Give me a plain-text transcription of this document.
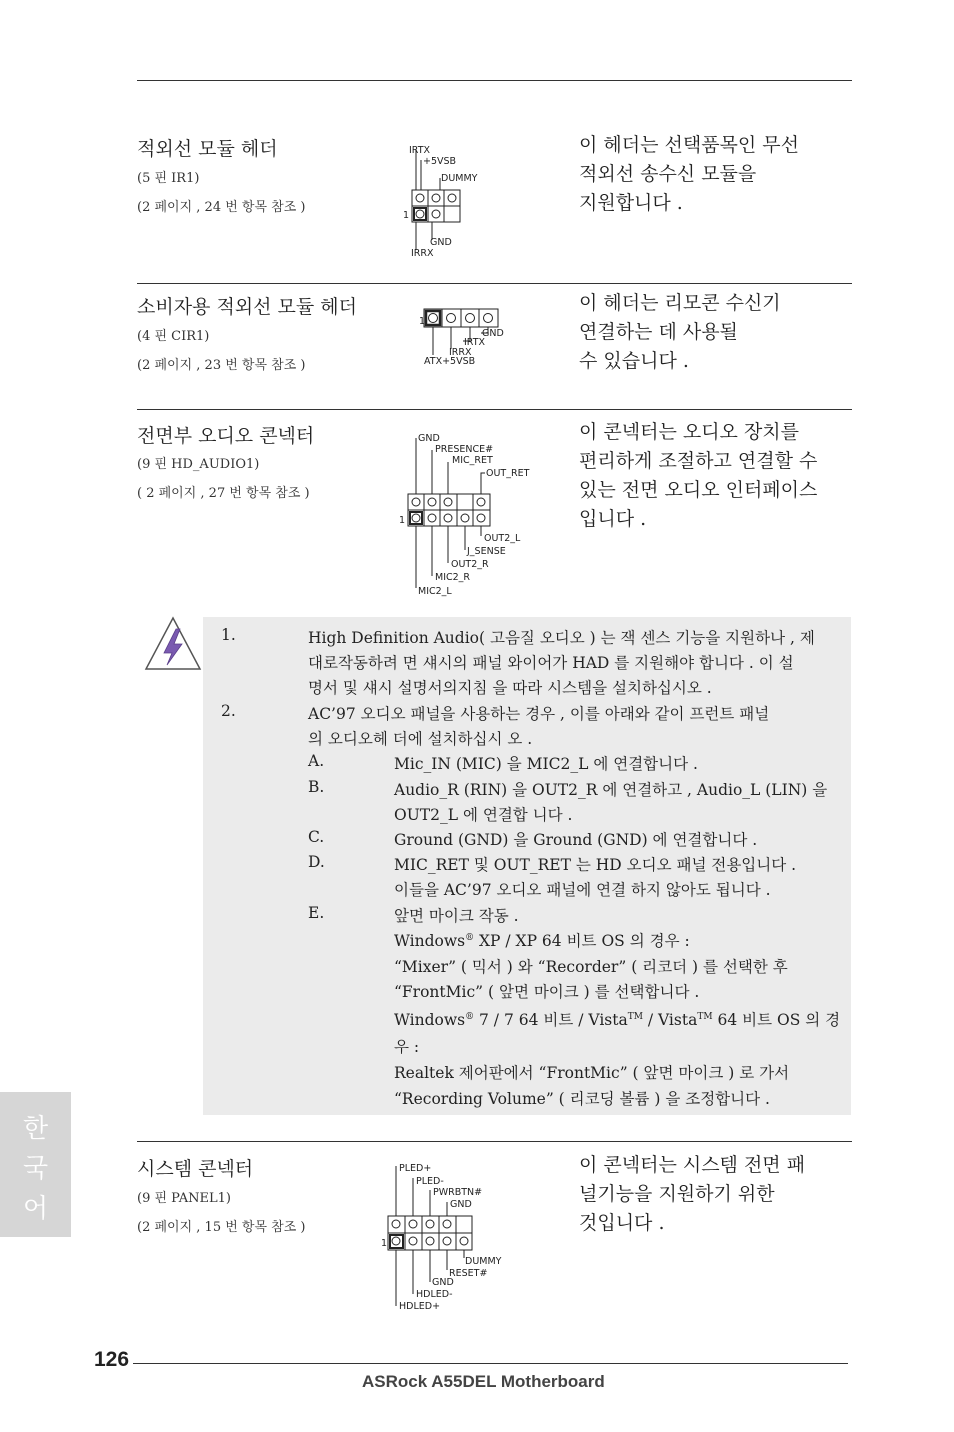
적외선 모듈 헤더
(5 핀 IR1)
(2 페이지 , 24 번 항목 참조 )
이 헤더는 선택품목인 무선
적외선 송수신 모듈을
지원합니다 .
IRTX
+5VSB
DUMMY
1
GND
IRRX
소비자용 적외선 모듈 헤더
(4 핀 CIR1)
(2 페이지 , 23 번 항목 참조 )
이 헤더는 리모콘 수신기
연결하는 데 사용될
수 있습니다 .
1
GND
IRTX
IRRX
ATX+5VSB
전면부 오디오 콘넥터
(9 핀 HD_AUDIO1)
( 2 페이지 , 27 번 항목 참조 )
이 콘넥터는 오디오 장치를
편리하게 조절하고 연결할 수
있는 전면 오디오 인터페이스
입니다 .
GND
PRESENCE#
MIC_RET
OUT_RET
1
OUT2_L
J_SENSE
OUT2_R
MIC2_R
MIC2_L
1.	High Definition Audio( 고음질 오디오 ) 는 잭 센스 기능을 지원하나 , 제
대로작동하려 면 섀시의 패널 와이어가 HAD 를 지원해야 합니다 . 이 설
명서 및 섀시 설명서의지침 을 따라 시스템을 설치하십시오 .
2.	AC’97 오디오 패널을 사용하는 경우 , 이를 아래와 같이 프런트 패널
의 오디오헤 더에 설치하십시 오 .
A.	Mic_IN (MIC) 을 MIC2_L 에 연결합니다 .
B.	Audio_R (RIN) 을 OUT2_R 에 연결하고 , Audio_L (LIN) 을
OUT2_L 에 연결합 니다 .
C.	Ground (GND) 을 Ground (GND) 에 연결합니다 .
D.	MIC_RET 및 OUT_RET 는 HD 오디오 패널 전용입니다 .
이들을 AC’97 오디오 패널에 연결 하지 않아도 됩니다 .
E.	앞면 마이크 작동 .
Windows® XP / XP 64 비트 OS 의 경우 :
“Mixer” ( 믹서 ) 와 “Recorder” ( 리코더 ) 를 선택한 후
“FrontMic” ( 앞면 마이크 ) 를 선택합니다 .
Windows® 7 / 7 64 비트 / Vista™ / Vista™ 64 비트 OS 의 경
우 :
Realtek 제어판에서 “FrontMic” ( 앞면 마이크 ) 로 가서
“Recording Volume” ( 리코딩 볼륨 ) 을 조정합니다 .
시스템 콘넥터
(9 핀 PANEL1)
(2 페이지 , 15 번 항목 참조 )
이 콘넥터는 시스템 전면 패
널기능을 지원하기 위한
것입니다 .
PLED+
PLED-
PWRBTN#
GND
1
DUMMY
RESET#
GND
HDLED-
HDLED+
한
국
어
126
ASRock A55DEL Motherboard
